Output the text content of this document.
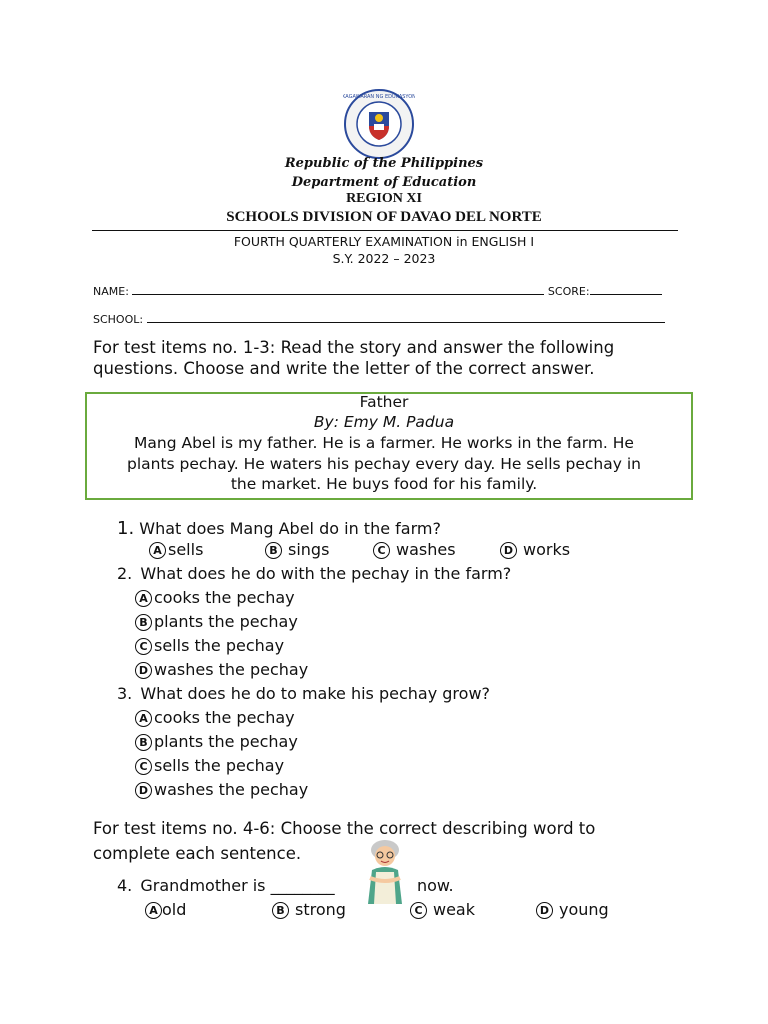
KAGAWARAN NG EDUKASYON
Republic of the Philippines
Department of Education
REGION XI
SCHOOLS DIVISION OF DAVAO DEL NORTE
FOURTH QUARTERLY EXAMINATION in ENGLISH I
S.Y. 2022 – 2023
NAME:	SCORE:
SCHOOL:
For test items no. 1-3: Read the story and answer the following
questions. Choose and write the letter of the correct answer.
Father
By: Emy M. Padua
Mang Abel is my father. He is a farmer. He works in the farm. He
plants pechay. He waters his pechay every day. He sells pechay in
the market. He buys food for his family.
1. What does Mang Abel do in the farm?
A sells	B sings	C washes	D works
2. What does he do with the pechay in the farm?
A cooks the pechay
B plants the pechay
C sells the pechay
D washes the pechay
3. What does he do to make his pechay grow?
A cooks the pechay
B plants the pechay
C sells the pechay
D washes the pechay
For test items no. 4-6: Choose the correct describing word to
complete each sentence.
4. Grandmother is ________	now.
A old	B strong	C weak	D young
